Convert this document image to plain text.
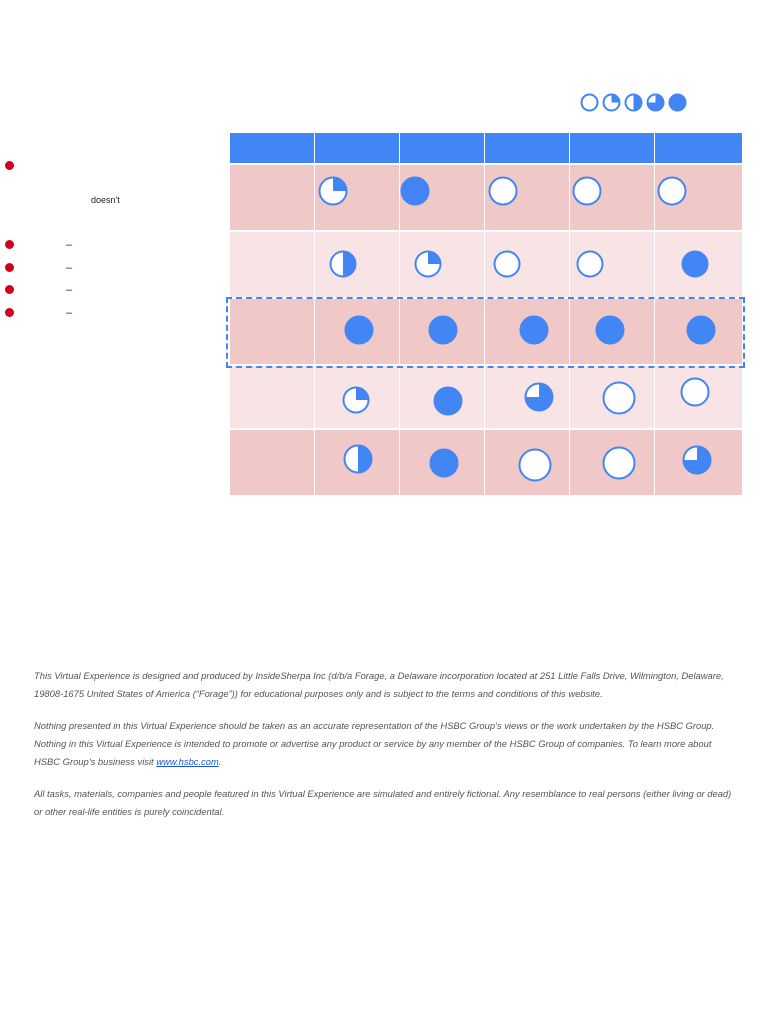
doesn't
–
–
–
–

This Virtual Experience is designed and produced by InsideSherpa Inc (d/b/a Forage, a Delaware incorporation located at 251 Little Falls Drive, Wilmington, Delaware, 19808-1675 United States of America (“Forage”)) for educational purposes only and is subject to the terms and conditions of this website.

Nothing presented in this Virtual Experience should be taken as an accurate representation of the HSBC Group’s views or the work undertaken by the HSBC Group. Nothing in this Virtual Experience is intended to promote or advertise any product or service by any member of the HSBC Group of companies. To learn more about HSBC Group’s business visit www.hsbc.com.

All tasks, materials, companies and people featured in this Virtual Experience are simulated and entirely fictional. Any resemblance to real persons (either living or dead) or other real-life entities is purely coincidental.
